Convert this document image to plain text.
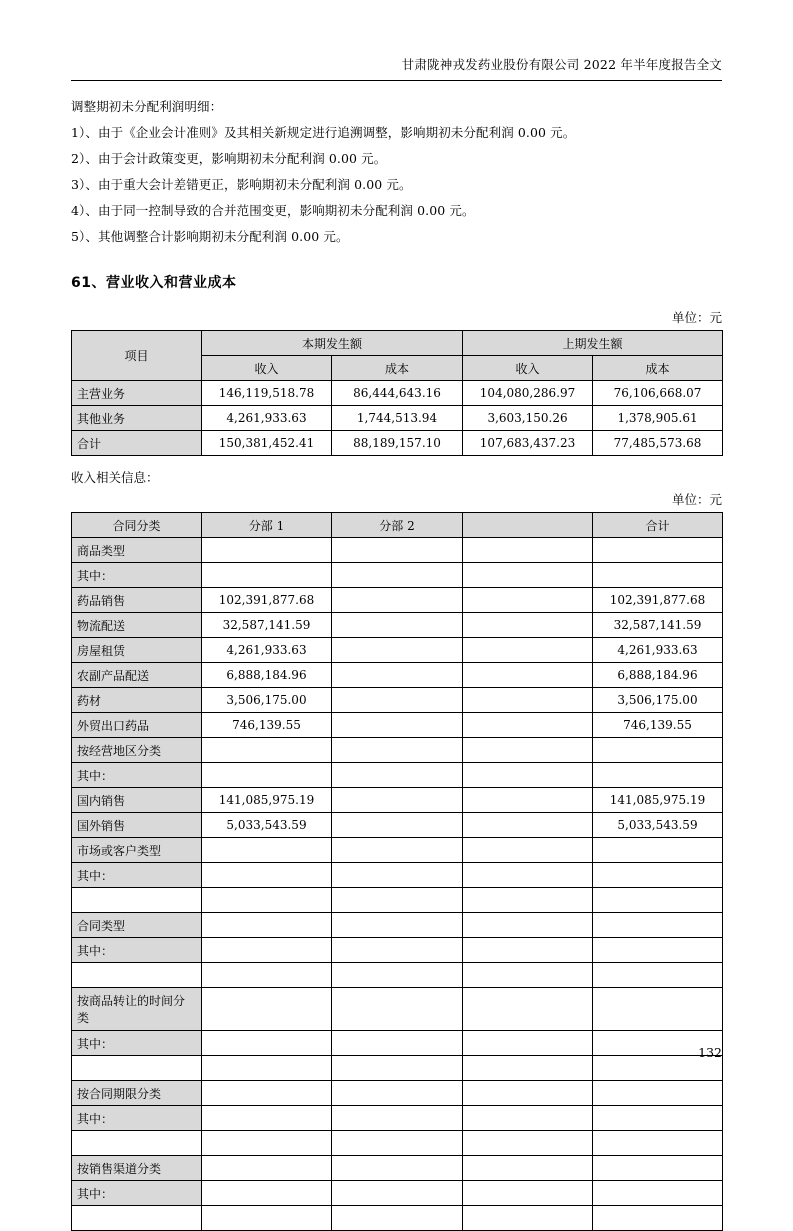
甘肃陇神戎发药业股份有限公司 2022 年半年度报告全文

调整期初未分配利润明细：

1）、由于《企业会计准则》及其相关新规定进行追溯调整，影响期初未分配利润 0.00 元。

2）、由于会计政策变更，影响期初未分配利润 0.00 元。

3）、由于重大会计差错更正，影响期初未分配利润 0.00 元。

4）、由于同一控制导致的合并范围变更，影响期初未分配利润 0.00 元。

5）、其他调整合计影响期初未分配利润 0.00 元。

61、营业收入和营业成本
单位：元
项目	本期发生额		上期发生额	
	收入	成本	收入	成本
主营业务	146,119,518.78	86,444,643.16	104,080,286.97	76,106,668.07
其他业务	4,261,933.63	1,744,513.94	3,603,150.26	1,378,905.61
合计	150,381,452.41	88,189,157.10	107,683,437.23	77,485,573.68
收入相关信息：
单位：元
合同分类	分部 1	分部 2		合计
商品类型				
其中：				
药品销售	102,391,877.68			102,391,877.68
物流配送	32,587,141.59			32,587,141.59
房屋租赁	4,261,933.63			4,261,933.63
农副产品配送	6,888,184.96			6,888,184.96
药材	3,506,175.00			3,506,175.00
外贸出口药品	746,139.55			746,139.55
按经营地区分类				
其中：				
国内销售	141,085,975.19			141,085,975.19
国外销售	5,033,543.59			5,033,543.59
市场或客户类型				
其中：				

合同类型				
其中：				

按商品转让的时间分类				
其中：				

按合同期限分类				
其中：				

按销售渠道分类				
其中：				

132
